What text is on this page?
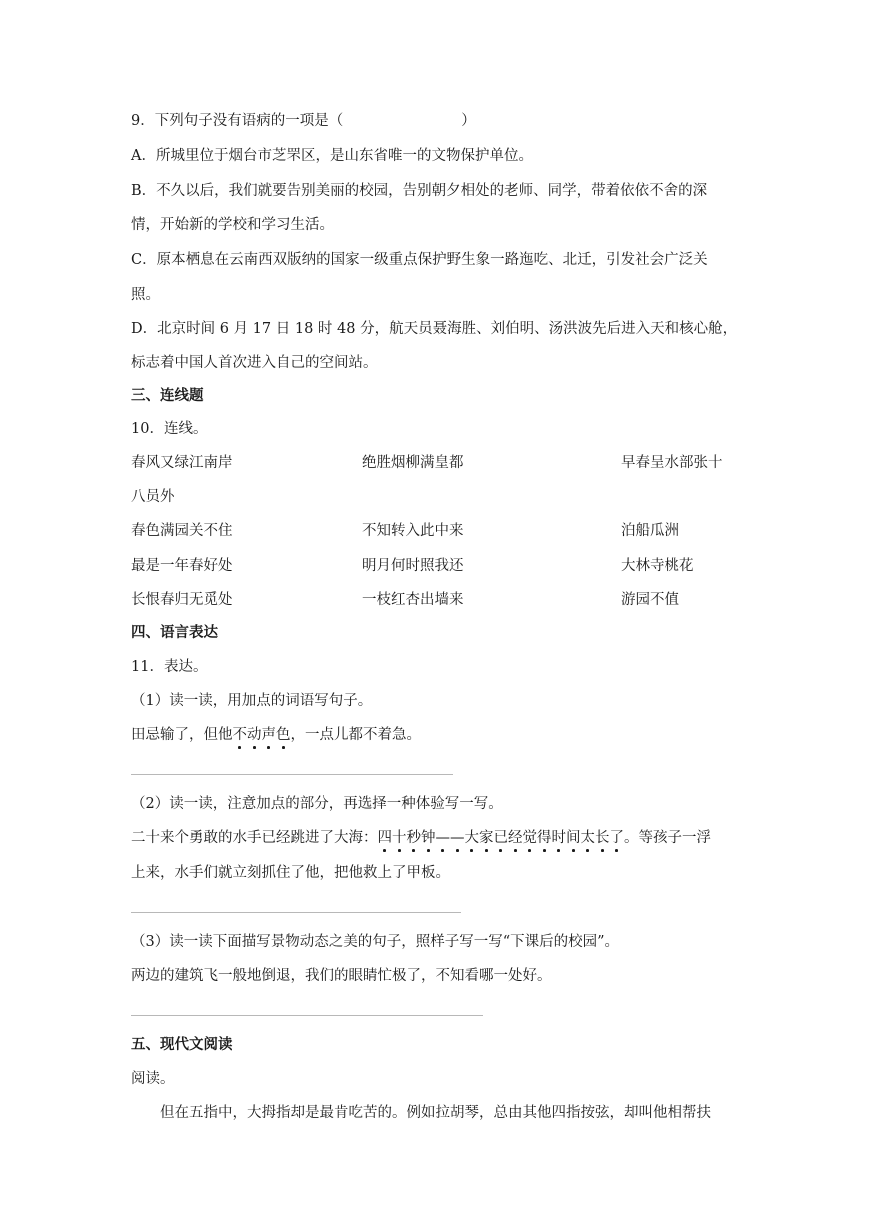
9．下列句子没有语病的一项是（	）
A．所城里位于烟台市芝罘区，是山东省唯一的文物保护单位。
B．不久以后，我们就要告别美丽的校园，告别朝夕相处的老师、同学，带着依依不舍的深
情，开始新的学校和学习生活。
C．原本栖息在云南西双版纳的国家一级重点保护野生象一路迤吃、北迁，引发社会广泛关
照。
D．北京时间 6 月 17 日 18 时 48 分，航天员聂海胜、刘伯明、汤洪波先后进入天和核心舱，
标志着中国人首次进入自己的空间站。
三、连线题
10．连线。
春风又绿江南岸	绝胜烟柳满皇都	早春呈水部张十
八员外
春色满园关不住	不知转入此中来	泊船瓜洲
最是一年春好处	明月何时照我还	大林寺桃花
长恨春归无觅处	一枝红杏出墙来	游园不值
四、语言表达
11．表达。
（1）读一读，用加点的词语写句子。
田忌输了，但他不动声色，一点儿都不着急。
（2）读一读，注意加点的部分，再选择一种体验写一写。
二十来个勇敢的水手已经跳进了大海：四十秒钟——大家已经觉得时间太长了。等孩子一浮
上来，水手们就立刻抓住了他，把他救上了甲板。
（3）读一读下面描写景物动态之美的句子，照样子写一写“下课后的校园”。
两边的建筑飞一般地倒退，我们的眼睛忙极了，不知看哪一处好。
五、现代文阅读
阅读。
但在五指中，大拇指却是最肯吃苦的。例如拉胡琴，总由其他四指按弦，却叫他相帮扶
